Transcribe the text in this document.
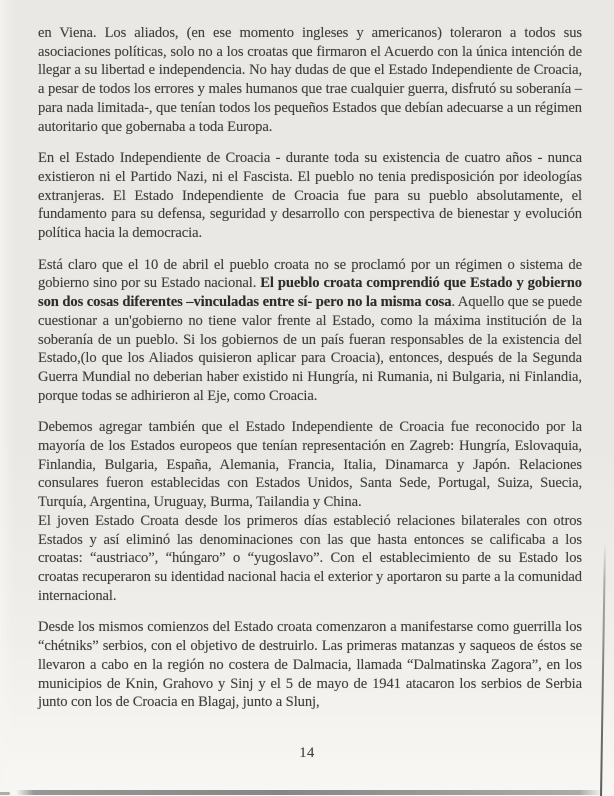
en Viena. Los aliados, (en ese momento ingleses y americanos) toleraron a todos sus asociaciones políticas, solo no a los croatas que firmaron el Acuerdo con la única intención de llegar a su libertad e independencia. No hay dudas de que el Estado Independiente de Croacia, a pesar de todos los errores y males humanos que trae cualquier guerra, disfrutó su soberanía –para nada limitada-, que tenían todos los pequeños Estados que debían adecuarse a un régimen autoritario que gobernaba a toda Europa.

En el Estado Independiente de Croacia - durante toda su existencia de cuatro años - nunca existieron ni el Partido Nazi, ni el Fascista. El pueblo no tenia predisposición por ideologías extranjeras. El Estado Independiente de Croacia fue para su pueblo absolutamente, el fundamento para su defensa, seguridad y desarrollo con perspectiva de bienestar y evolución política hacia la democracia.

Está claro que el 10 de abril el pueblo croata no se proclamó por un régimen o sistema de gobierno sino por su Estado nacional. El pueblo croata comprendió que Estado y gobierno son dos cosas diferentes –vinculadas entre sí- pero no la misma cosa. Aquello que se puede cuestionar a un'gobierno no tiene valor frente al Estado, como la máxima institución de la soberanía de un pueblo. Si los gobiernos de un país fueran responsables de la existencia del Estado,(lo que los Aliados quisieron aplicar para Croacia), entonces, después de la Segunda Guerra Mundial no deberian haber existido ni Hungría, ni Rumania, ni Bulgaria, ni Finlandia, porque todas se adhirieron al Eje, como Croacia.

Debemos agregar también que el Estado Independiente de Croacia fue reconocido por la mayoría de los Estados europeos que tenían representación en Zagreb: Hungría, Eslovaquia, Finlandia, Bulgaria, España, Alemania, Francia, Italia, Dinamarca y Japón. Relaciones consulares fueron establecidas con Estados Unidos, Santa Sede, Portugal, Suiza, Suecia, Turquía, Argentina, Uruguay, Burma, Tailandia y China.

El joven Estado Croata desde los primeros días estableció relaciones bilaterales con otros Estados y así eliminó las denominaciones con las que hasta entonces se calificaba a los croatas: “austriaco”, “húngaro” o “yugoslavo”. Con el establecimiento de su Estado los croatas recuperaron su identidad nacional hacia el exterior y aportaron su parte a la comunidad internacional.

Desde los mismos comienzos del Estado croata comenzaron a manifestarse como guerrilla los “chétniks” serbios, con el objetivo de destruirlo. Las primeras matanzas y saqueos de éstos se llevaron a cabo en la región no costera de Dalmacia, llamada “Dalmatinska Zagora”, en los municipios de Knin, Grahovo y Sinj y el 5 de mayo de 1941 atacaron los serbios de Serbia junto con los de Croacia en Blagaj, junto a Slunj,

14
